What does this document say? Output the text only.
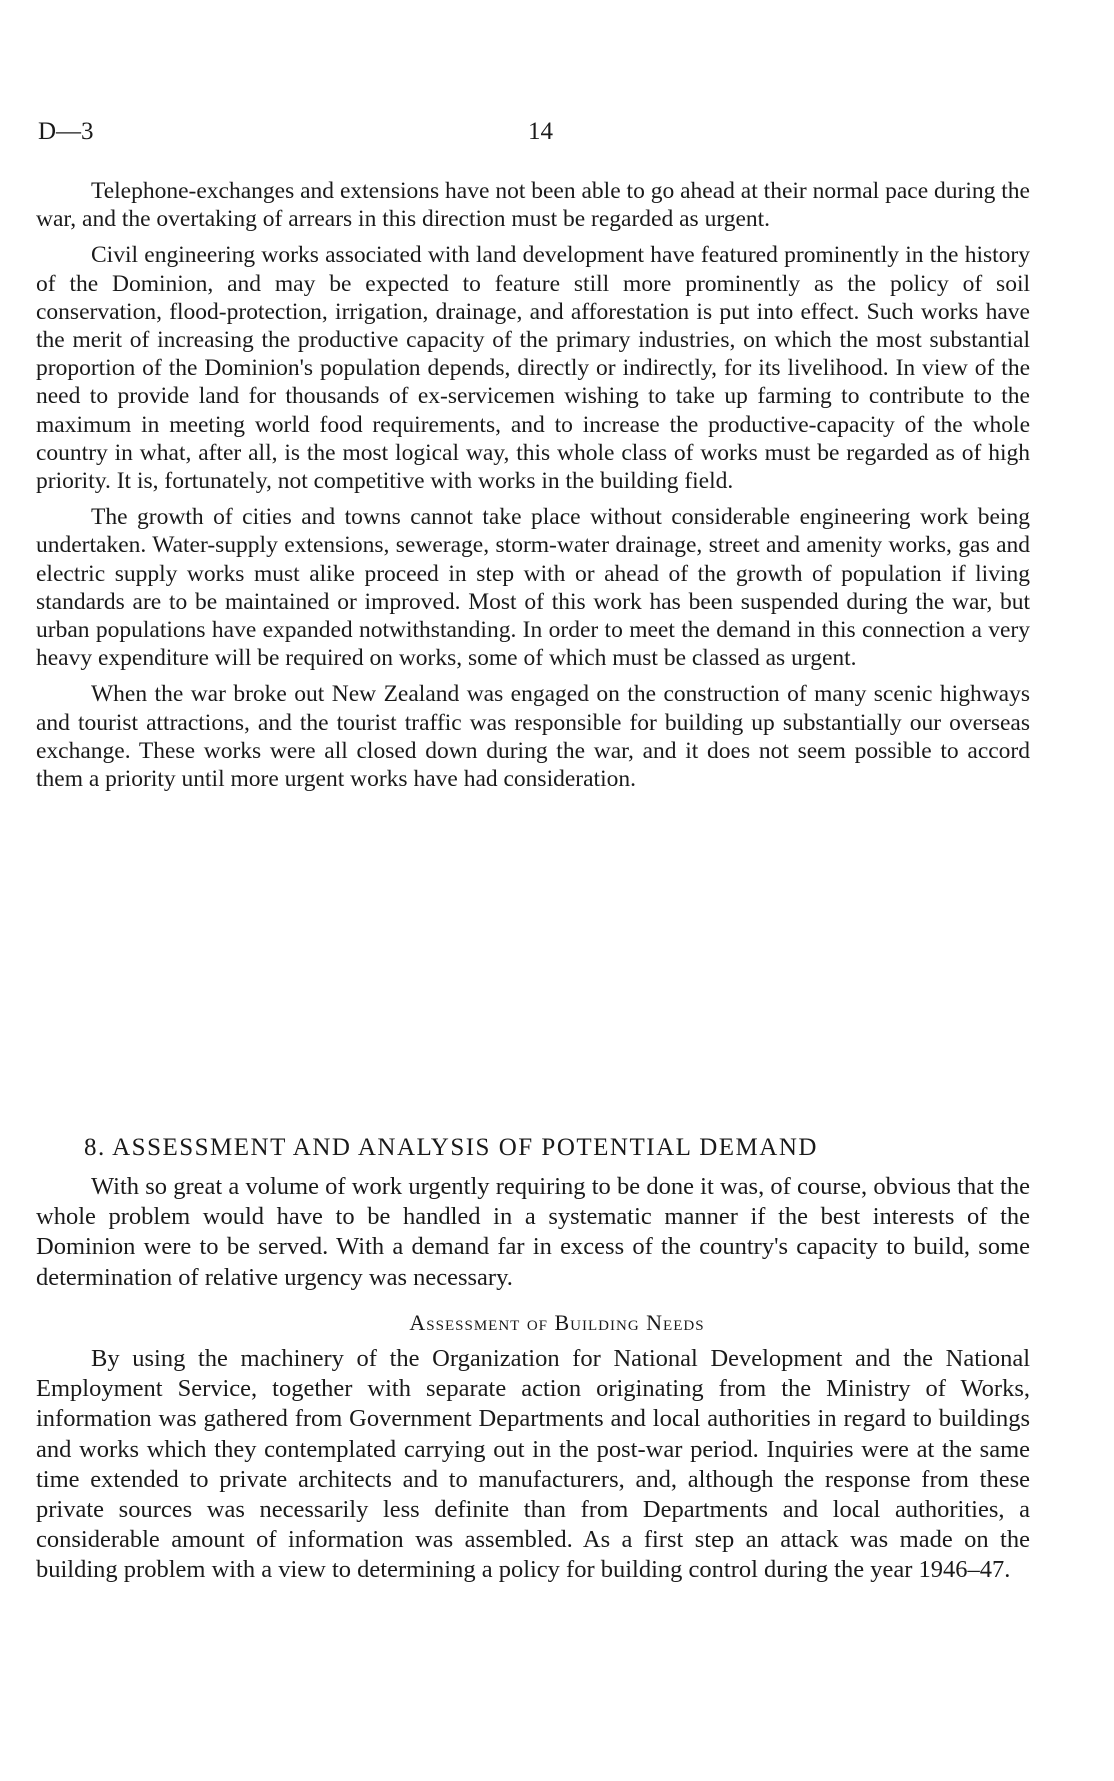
D—3	14

Telephone-exchanges and extensions have not been able to go ahead at their normal pace during the war, and the overtaking of arrears in this direction must be regarded as urgent.

Civil engineering works associated with land development have featured prominently in the history of the Dominion, and may be expected to feature still more prominently as the policy of soil conservation, flood-protection, irrigation, drainage, and afforestation is put into effect. Such works have the merit of increasing the productive capacity of the primary industries, on which the most substantial proportion of the Dominion's population depends, directly or indirectly, for its livelihood. In view of the need to provide land for thousands of ex-servicemen wishing to take up farming to contribute to the maximum in meeting world food requirements, and to increase the productive-capacity of the whole country in what, after all, is the most logical way, this whole class of works must be regarded as of high priority. It is, fortunately, not competitive with works in the building field.

The growth of cities and towns cannot take place without considerable engineering work being undertaken. Water-supply extensions, sewerage, storm-water drainage, street and amenity works, gas and electric supply works must alike proceed in step with or ahead of the growth of population if living standards are to be maintained or improved. Most of this work has been suspended during the war, but urban populations have expanded notwithstanding. In order to meet the demand in this connection a very heavy expenditure will be required on works, some of which must be classed as urgent.

When the war broke out New Zealand was engaged on the construction of many scenic highways and tourist attractions, and the tourist traffic was responsible for building up substantially our overseas exchange. These works were all closed down during the war, and it does not seem possible to accord them a priority until more urgent works have had consideration.

8. ASSESSMENT AND ANALYSIS OF POTENTIAL DEMAND

With so great a volume of work urgently requiring to be done it was, of course, obvious that the whole problem would have to be handled in a systematic manner if the best interests of the Dominion were to be served. With a demand far in excess of the country's capacity to build, some determination of relative urgency was necessary.

Assessment of Building Needs

By using the machinery of the Organization for National Development and the National Employment Service, together with separate action originating from the Ministry of Works, information was gathered from Government Departments and local authorities in regard to buildings and works which they contemplated carrying out in the post-war period. Inquiries were at the same time extended to private architects and to manufacturers, and, although the response from these private sources was necessarily less definite than from Departments and local authorities, a considerable amount of information was assembled. As a first step an attack was made on the building problem with a view to determining a policy for building control during the year 1946–47.
